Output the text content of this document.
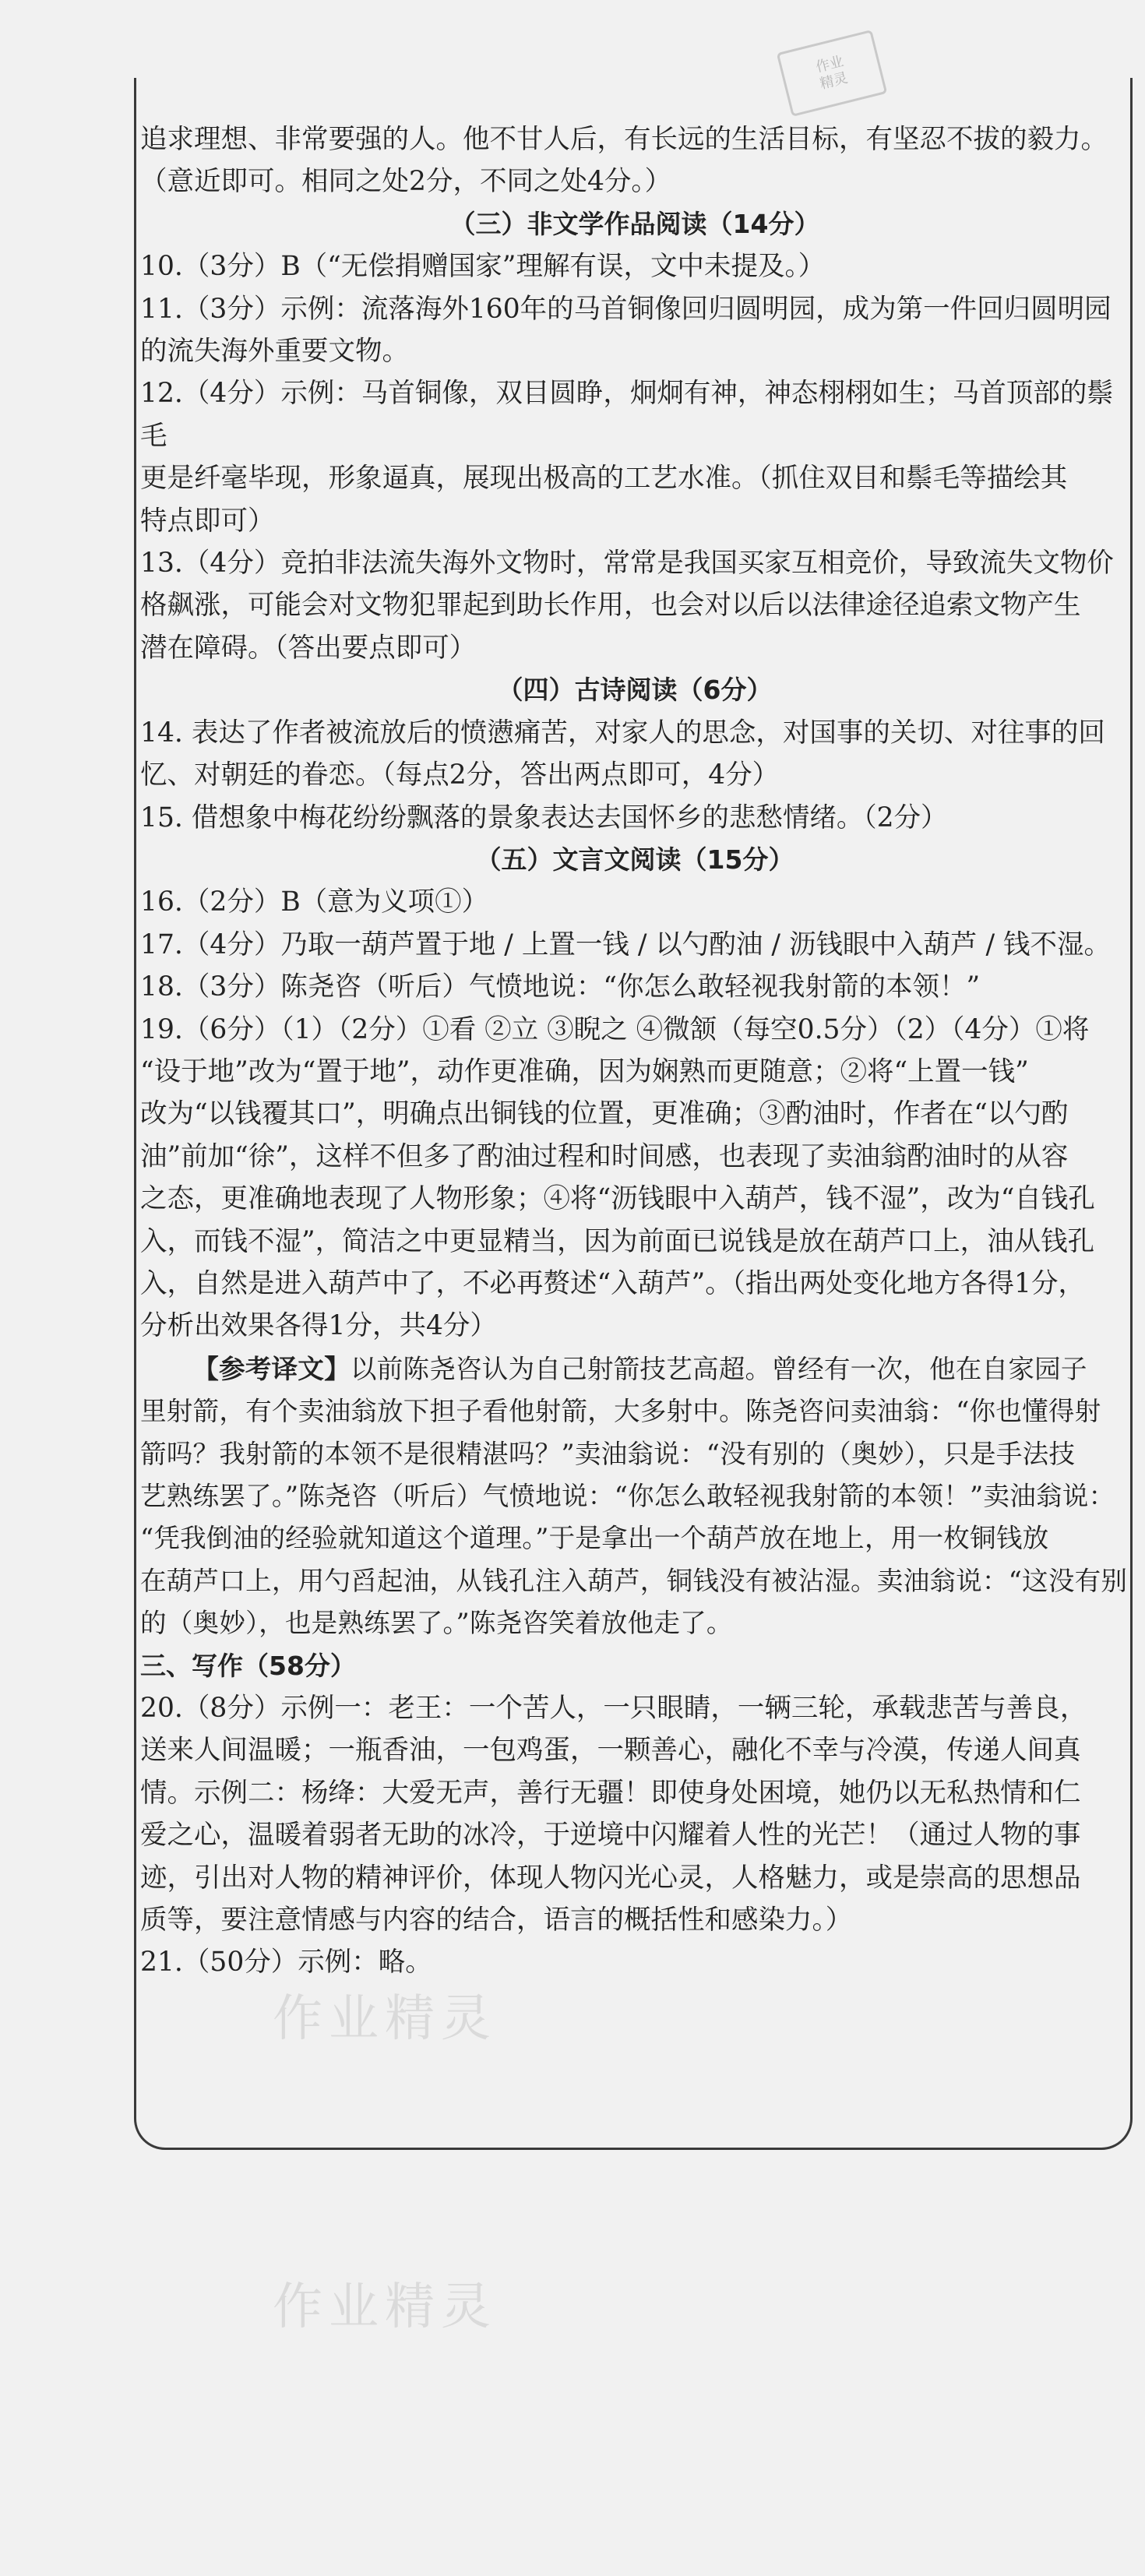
作业
精灵

追求理想、非常要强的人。他不甘人后，有长远的生活目标，有坚忍不拔的毅力。

（意近即可。相同之处2分，不同之处4分。）

（三）非文学作品阅读（14分）

10.（3分）B（“无偿捐赠国家”理解有误，文中未提及。）

11.（3分）示例：流落海外160年的马首铜像回归圆明园，成为第一件回归圆明园

的流失海外重要文物。

12.（4分）示例：马首铜像，双目圆睁，炯炯有神，神态栩栩如生；马首顶部的鬃毛

更是纤毫毕现，形象逼真，展现出极高的工艺水准。（抓住双目和鬃毛等描绘其

特点即可）

13.（4分）竞拍非法流失海外文物时，常常是我国买家互相竞价，导致流失文物价

格飙涨，可能会对文物犯罪起到助长作用，也会对以后以法律途径追索文物产生

潜在障碍。（答出要点即可）

（四）古诗阅读（6分）

14. 表达了作者被流放后的愤懑痛苦，对家人的思念，对国事的关切、对往事的回

忆、对朝廷的眷恋。（每点2分，答出两点即可，4分）

15. 借想象中梅花纷纷飘落的景象表达去国怀乡的悲愁情绪。（2分）

（五）文言文阅读（15分）

16.（2分）B（意为义项①）

17.（4分）乃取一葫芦置于地 / 上置一钱 / 以勺酌油 / 沥钱眼中入葫芦 / 钱不湿。

18.（3分）陈尧咨（听后）气愤地说：“你怎么敢轻视我射箭的本领！”

19.（6分）（1）（2分）①看 ②立 ③睨之 ④微颔（每空0.5分）（2）（4分）①将

“设于地”改为“置于地”，动作更准确，因为娴熟而更随意；②将“上置一钱”

改为“以钱覆其口”，明确点出铜钱的位置，更准确；③酌油时，作者在“以勺酌

油”前加“徐”，这样不但多了酌油过程和时间感，也表现了卖油翁酌油时的从容

之态，更准确地表现了人物形象；④将“沥钱眼中入葫芦，钱不湿”，改为“自钱孔

入，而钱不湿”，简洁之中更显精当，因为前面已说钱是放在葫芦口上，油从钱孔

入，自然是进入葫芦中了，不必再赘述“入葫芦”。（指出两处变化地方各得1分，

分析出效果各得1分，共4分）

【参考译文】以前陈尧咨认为自己射箭技艺高超。曾经有一次，他在自家园子

里射箭，有个卖油翁放下担子看他射箭，大多射中。陈尧咨问卖油翁：“你也懂得射

箭吗？我射箭的本领不是很精湛吗？”卖油翁说：“没有别的（奥妙），只是手法技

艺熟练罢了。”陈尧咨（听后）气愤地说：“你怎么敢轻视我射箭的本领！”卖油翁说：

“凭我倒油的经验就知道这个道理。”于是拿出一个葫芦放在地上，用一枚铜钱放

在葫芦口上，用勺舀起油，从钱孔注入葫芦，铜钱没有被沾湿。卖油翁说：“这没有别

的（奥妙），也是熟练罢了。”陈尧咨笑着放他走了。

三、写作（58分）

20.（8分）示例一：老王：一个苦人，一只眼睛，一辆三轮，承载悲苦与善良，

送来人间温暖；一瓶香油，一包鸡蛋，一颗善心，融化不幸与冷漠，传递人间真

情。示例二：杨绛：大爱无声，善行无疆！即使身处困境，她仍以无私热情和仁

爱之心，温暖着弱者无助的冰冷，于逆境中闪耀着人性的光芒！（通过人物的事

迹，引出对人物的精神评价，体现人物闪光心灵，人格魅力，或是崇高的思想品

质等，要注意情感与内容的结合，语言的概括性和感染力。）

21.（50分）示例：略。

作业精灵
作业精灵
